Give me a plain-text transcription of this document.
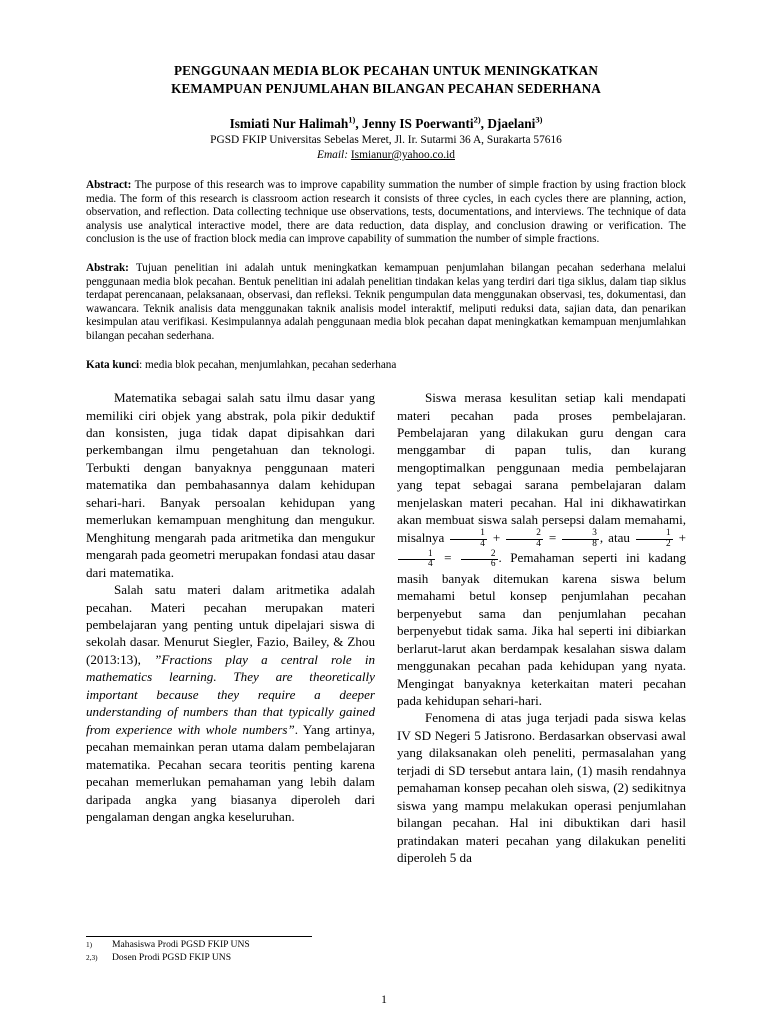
PENGGUNAAN MEDIA BLOK PECAHAN UNTUK MENINGKATKAN
KEMAMPUAN PENJUMLAHAN BILANGAN PECAHAN SEDERHANA
Ismiati Nur Halimah$^{1)}$, Jenny IS Poerwanti$^{2)}$, Djaelani$^{3)}$
PGSD FKIP Universitas Sebelas Meret, Jl. Ir. Sutarmi 36 A, Surakarta 57616
Email: Ismianur@yahoo.co.id
Abstract: The purpose of this research was to improve capability summation the number of simple fraction by using fraction block media. The form of this research is classroom action research it consists of three cycles, in each cycles there are planning, action, observation, and reflection. Data collecting technique use observations, tests, documentations, and interviews. The technique of data analysis use analytical interactive model, there are data reduction, data display, and conclusion drawing or verification. The conclusion is the use of fraction block media can improve capability of summation the number of simple fractions.
Abstrak: Tujuan penelitian ini adalah untuk meningkatkan kemampuan penjumlahan bilangan pecahan sederhana melalui penggunaan media blok pecahan. Bentuk penelitian ini adalah penelitian tindakan kelas yang terdiri dari tiga siklus, dalam tiap siklus terdapat perencanaan, pelaksanaan, observasi, dan refleksi. Teknik pengumpulan data menggunakan observasi, tes, dokumentasi, dan wawancara. Teknik analisis data menggunakan taknik analisis model interaktif, meliputi reduksi data, sajian data, dan penarikan kesimpulan atau verifikasi. Kesimpulannya adalah penggunaan media blok pecahan dapat meningkatkan kemampuan menjumlahkan bilangan pecahan sederhana.
Kata kunci: media blok pecahan, menjumlahkan, pecahan sederhana

Matematika sebagai salah satu ilmu dasar yang memiliki ciri objek yang abstrak, pola pikir deduktif dan konsisten, juga tidak dapat dipisahkan dari perkembangan ilmu pengetahuan dan teknologi. Terbukti dengan banyaknya penggunaan materi matematika dan pembahasannya dalam kehidupan sehari-hari. Banyak persoalan kehidupan yang memerlukan kemampuan menghitung dan mengukur. Menghitung mengarah pada aritmetika dan mengukur mengarah pada geometri merupakan fondasi atau dasar dari matematika.

Salah satu materi dalam aritmetika adalah pecahan. Materi pecahan merupakan materi pembelajaran yang penting untuk dipelajari siswa di sekolah dasar. Menurut Siegler, Fazio, Bailey, & Zhou (2013:13), ”Fractions play a central role in mathematics learning. They are theoretically important because they require a deeper understanding of numbers than that typically gained from experience with whole numbers”. Yang artinya, pecahan memainkan peran utama dalam pembelajaran matematika. Pecahan secara teoritis penting karena pecahan memerlukan pemahaman yang lebih dalam daripada angka yang biasanya diperoleh dari pengalaman dengan angka keseluruhan.

Siswa merasa kesulitan setiap kali mendapati materi pecahan pada proses pembelajaran. Pembelajaran yang dilakukan guru dengan cara menggambar di papan tulis, dan kurang mengoptimalkan penggunaan media pembelajaran yang tepat sebagai sarana pembelajaran dalam menjelaskan materi pecahan. Hal ini dikhawatirkan akan membuat siswa salah persepsi dalam memahami, misalnya $\frac{1}{4} + \frac{2}{4} = \frac{3}{8}$ , atau $\frac{1}{2}$ +
$\frac{1}{4} = \frac{2}{6}$ . Pemahaman seperti ini kadang masih banyak ditemukan karena siswa belum memahami betul konsep penjumlahan pecahan berpenyebut sama dan penjumlahan pecahan berpenyebut tidak sama. Jika hal seperti ini dibiarkan berlarut-larut akan berdampak kesalahan siswa dalam menggunakan pecahan pada kehidupan yang nyata. Mengingat banyaknya keterkaitan materi pecahan pada kehidupan sehari-hari.

Fenomena di atas juga terjadi pada siswa kelas IV SD Negeri 5 Jatisrono. Berdasarkan observasi awal yang dilaksanakan oleh peneliti, permasalahan yang terjadi di SD tersebut antara lain, (1) masih rendahnya pemahaman konsep pecahan oleh siswa, (2) sedikitnya siswa yang mampu melakukan operasi penjumlahan bilangan pecahan. Hal ini dibuktikan dari hasil pratindakan materi pecahan yang dilakukan peneliti diperoleh 5 da

1)	Mahasiswa Prodi PGSD FKIP UNS
2,3)	Dosen Prodi PGSD FKIP UNS
1
